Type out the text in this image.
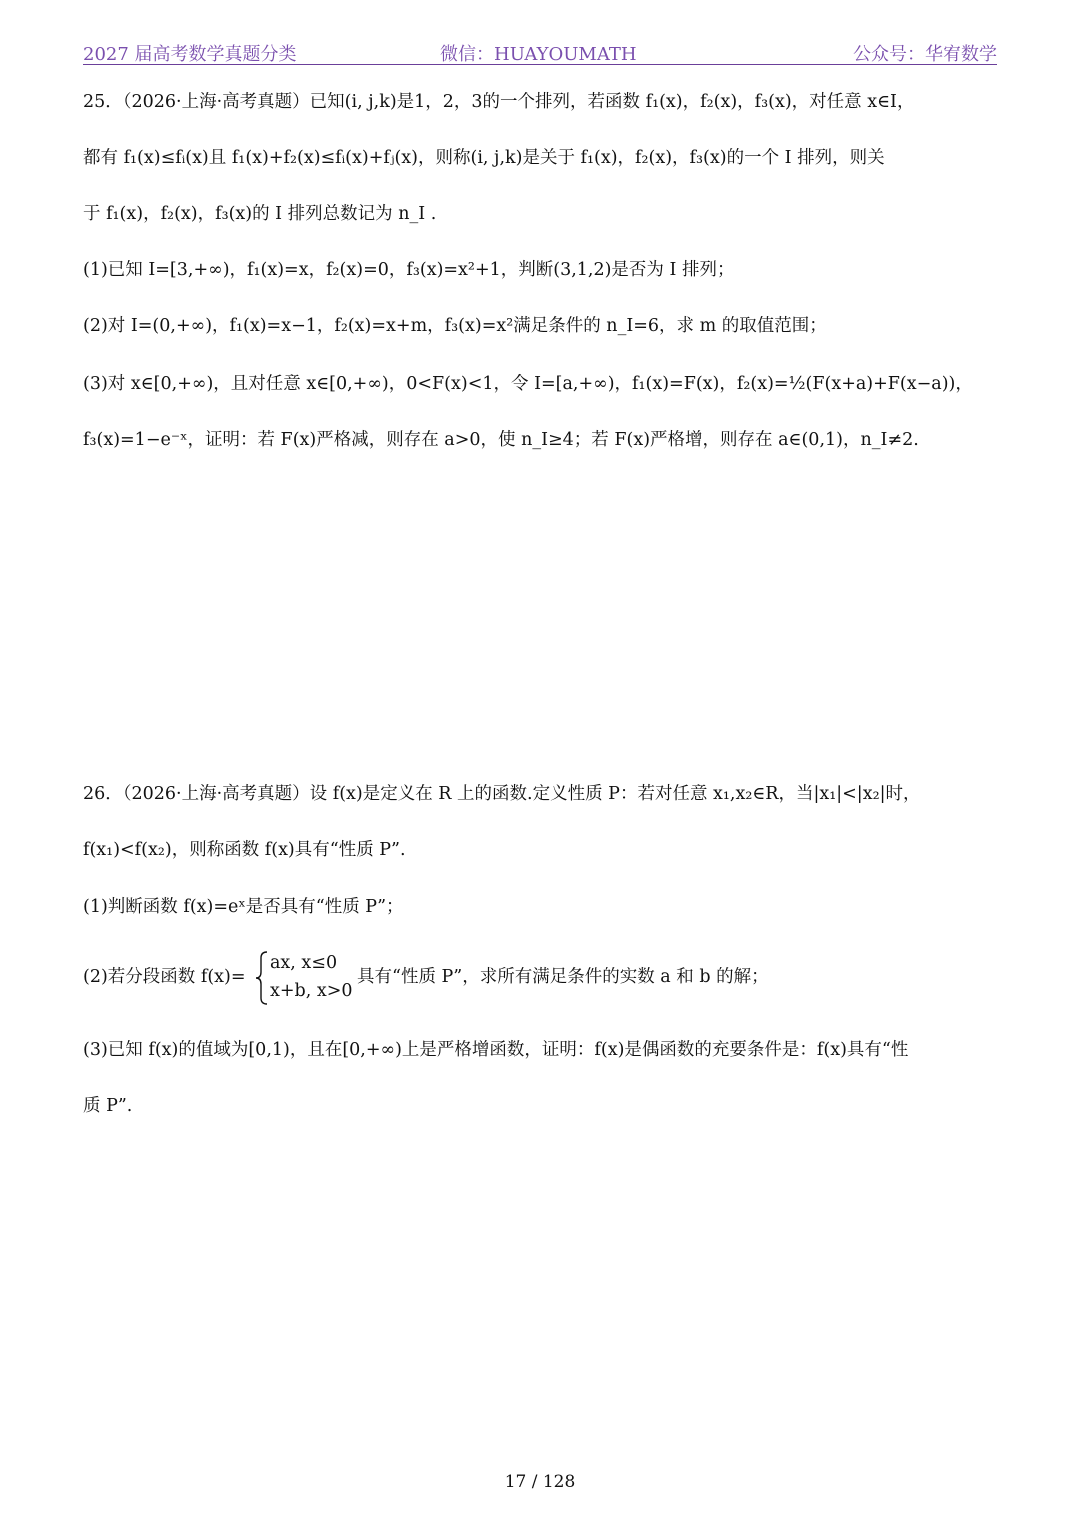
2027 届高考数学真题分类	微信：HUAYOUMATH	公众号：华宥数学
25．（2026·上海·高考真题）已知(i, j,k)是1，2，3的一个排列，若函数 f₁(x)，f₂(x)，f₃(x)，对任意 x∈I，
都有 f₁(x)≤fᵢ(x)且 f₁(x)+f₂(x)≤fᵢ(x)+fⱼ(x)，则称(i, j,k)是关于 f₁(x)，f₂(x)，f₃(x)的一个 I 排列，则关
于 f₁(x)，f₂(x)，f₃(x)的 I 排列总数记为 n_I .
(1)已知 I=[3,+∞)，f₁(x)=x，f₂(x)=0，f₃(x)=x²+1，判断(3,1,2)是否为 I 排列；
(2)对 I=(0,+∞)，f₁(x)=x−1，f₂(x)=x+m，f₃(x)=x²满足条件的 n_I=6，求 m 的取值范围；
(3)对 x∈[0,+∞)，且对任意 x∈[0,+∞)，0<F(x)<1，令 I=[a,+∞)，f₁(x)=F(x)，f₂(x)=½(F(x+a)+F(x−a))，
f₃(x)=1−e⁻ˣ，证明：若 F(x)严格减，则存在 a>0，使 n_I≥4；若 F(x)严格增，则存在 a∈(0,1)，n_I≠2.
26．（2026·上海·高考真题）设 f(x)是定义在 R 上的函数.定义性质 P：若对任意 x₁,x₂∈R，当|x₁|<|x₂|时，
f(x₁)<f(x₂)，则称函数 f(x)具有“性质 P”.
(1)判断函数 f(x)=eˣ是否具有“性质 P”；
(2)若分段函数 f(x)=
ax, x≤0
x+b, x>0
具有“性质 P”，求所有满足条件的实数 a 和 b 的解；
(3)已知 f(x)的值域为[0,1)，且在[0,+∞)上是严格增函数，证明：f(x)是偶函数的充要条件是：f(x)具有“性
质 P”.
17 / 128
